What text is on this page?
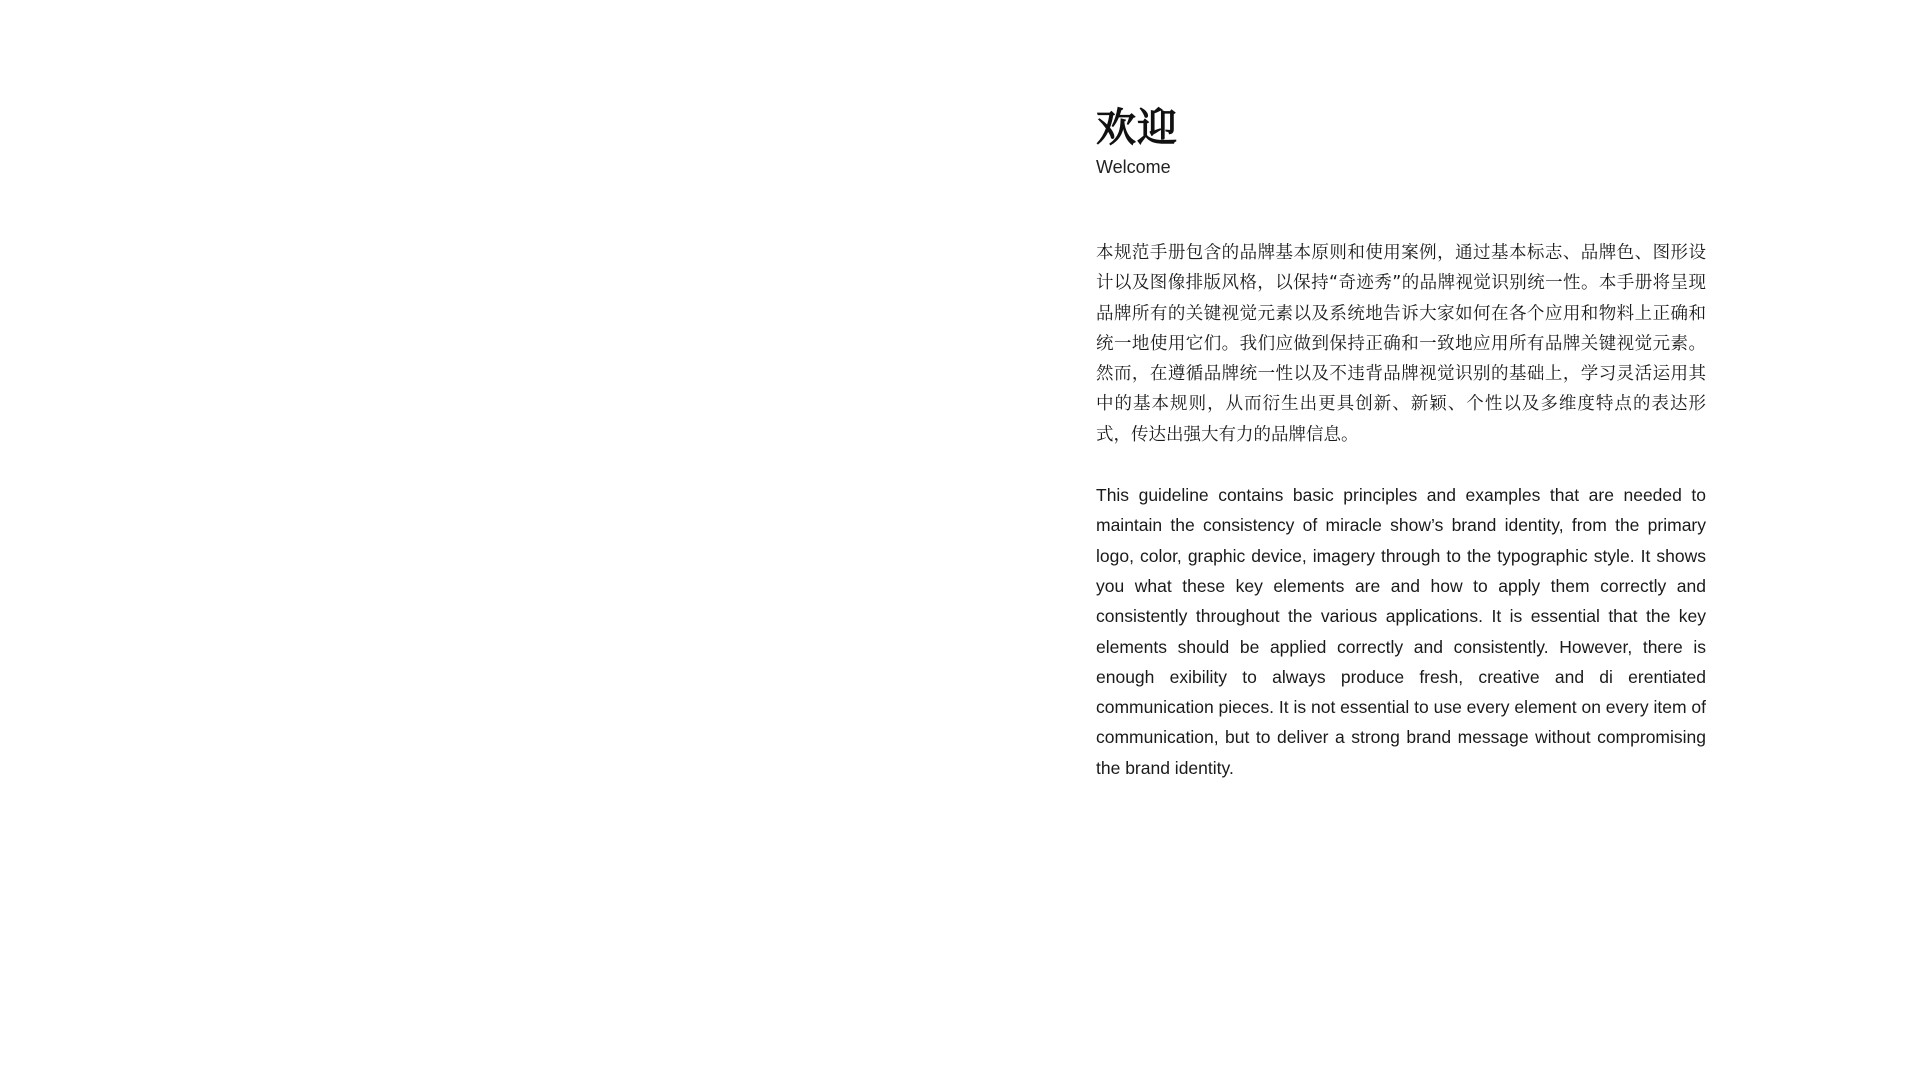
欢迎
Welcome

本规范手册包含的品牌基本原则和使用案例，通过基本标志、品牌色、图形设计以及图像排版风格，以保持“奇迹秀”的品牌视觉识别统一性。本手册将呈现品牌所有的关键视觉元素以及系统地告诉大家如何在各个应用和物料上正确和统一地使用它们。我们应做到保持正确和一致地应用所有品牌关键视觉元素。然而，在遵循品牌统一性以及不违背品牌视觉识别的基础上，学习灵活运用其中的基本规则，从而衍生出更具创新、新颖、个性以及多维度特点的表达形式，传达出强大有力的品牌信息。

This guideline contains basic principles and examples that are needed to maintain the consistency of miracle show’s brand identity, from the primary logo, color, graphic device, imagery through to the typographic style. It shows you what these key elements are and how to apply them correctly and consistently throughout the various applications. It is essential that the key elements should be applied correctly and consistently. However, there is enough exibility to always produce fresh, creative and di erentiated communication pieces. It is not essential to use every element on every item of communication, but to deliver a strong brand message without compromising the brand identity.
